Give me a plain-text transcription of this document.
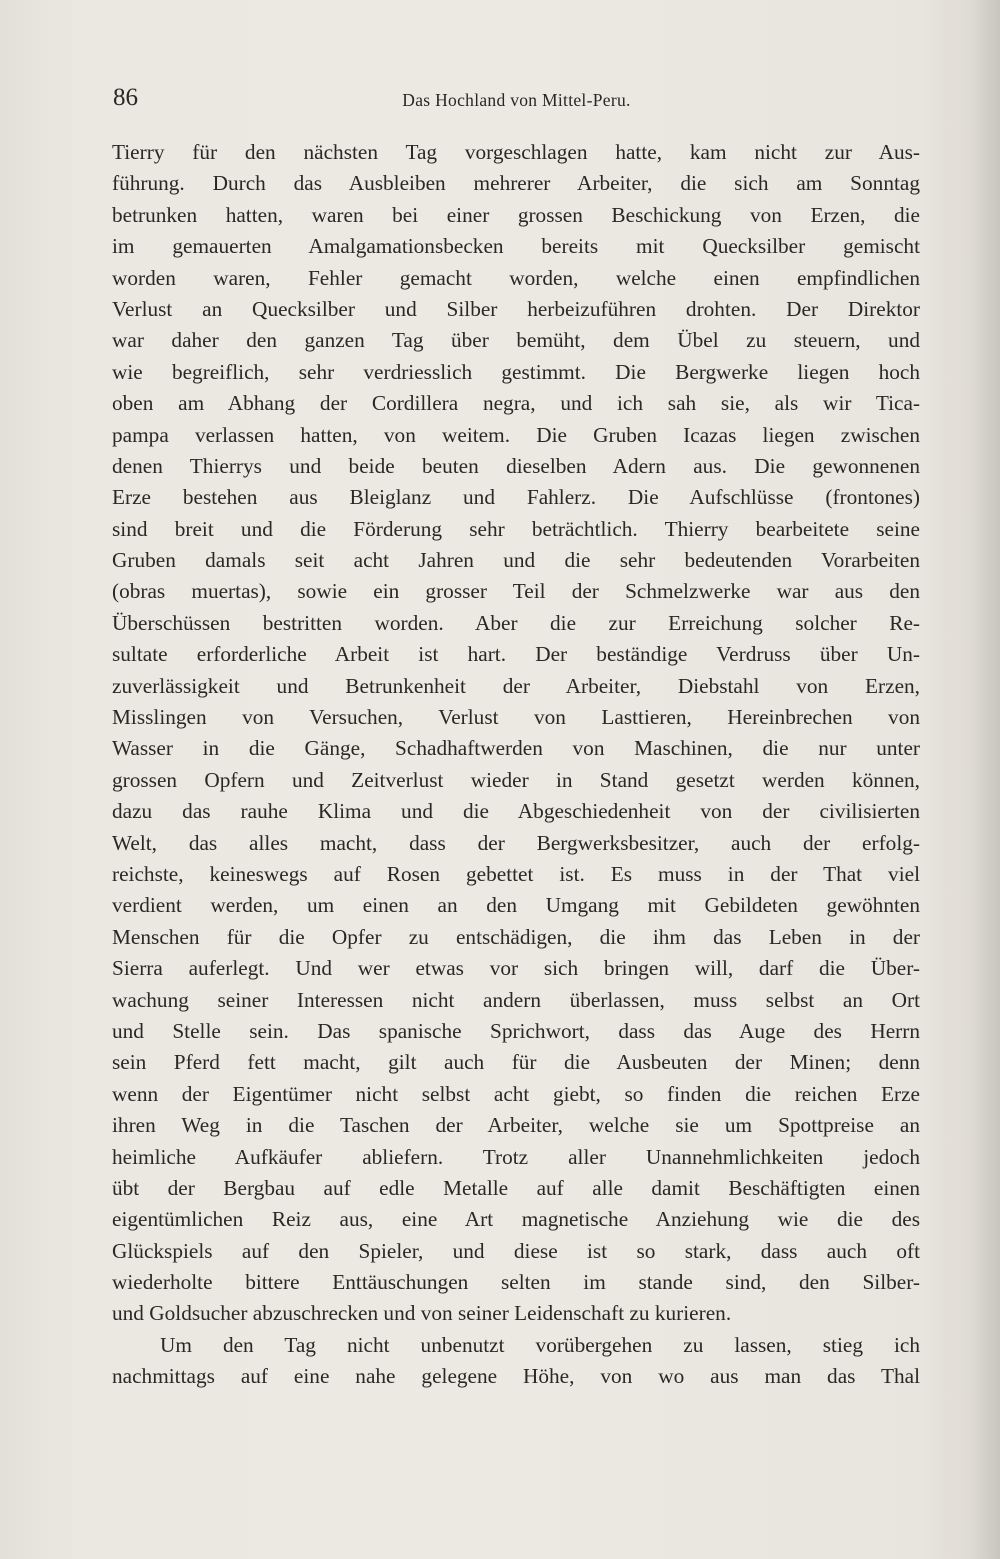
86	Das Hochland von Mittel-Peru.
Tierry für den nächsten Tag vorgeschlagen hatte, kam nicht zur Aus-
führung. Durch das Ausbleiben mehrerer Arbeiter, die sich am Sonntag
betrunken hatten, waren bei einer grossen Beschickung von Erzen, die
im gemauerten Amalgamationsbecken bereits mit Quecksilber gemischt
worden waren, Fehler gemacht worden, welche einen empfindlichen
Verlust an Quecksilber und Silber herbeizuführen drohten. Der Direktor
war daher den ganzen Tag über bemüht, dem Übel zu steuern, und
wie begreiflich, sehr verdriesslich gestimmt. Die Bergwerke liegen hoch
oben am Abhang der Cordillera negra, und ich sah sie, als wir Tica-
pampa verlassen hatten, von weitem. Die Gruben Icazas liegen zwischen
denen Thierrys und beide beuten dieselben Adern aus. Die gewonnenen
Erze bestehen aus Bleiglanz und Fahlerz. Die Aufschlüsse (frontones)
sind breit und die Förderung sehr beträchtlich. Thierry bearbeitete seine
Gruben damals seit acht Jahren und die sehr bedeutenden Vorarbeiten
(obras muertas), sowie ein grosser Teil der Schmelzwerke war aus den
Überschüssen bestritten worden. Aber die zur Erreichung solcher Re-
sultate erforderliche Arbeit ist hart. Der beständige Verdruss über Un-
zuverlässigkeit und Betrunkenheit der Arbeiter, Diebstahl von Erzen,
Misslingen von Versuchen, Verlust von Lasttieren, Hereinbrechen von
Wasser in die Gänge, Schadhaftwerden von Maschinen, die nur unter
grossen Opfern und Zeitverlust wieder in Stand gesetzt werden können,
dazu das rauhe Klima und die Abgeschiedenheit von der civilisierten
Welt, das alles macht, dass der Bergwerksbesitzer, auch der erfolg-
reichste, keineswegs auf Rosen gebettet ist. Es muss in der That viel
verdient werden, um einen an den Umgang mit Gebildeten gewöhnten
Menschen für die Opfer zu entschädigen, die ihm das Leben in der
Sierra auferlegt. Und wer etwas vor sich bringen will, darf die Über-
wachung seiner Interessen nicht andern überlassen, muss selbst an Ort
und Stelle sein. Das spanische Sprichwort, dass das Auge des Herrn
sein Pferd fett macht, gilt auch für die Ausbeuten der Minen; denn
wenn der Eigentümer nicht selbst acht giebt, so finden die reichen Erze
ihren Weg in die Taschen der Arbeiter, welche sie um Spottpreise an
heimliche Aufkäufer abliefern. Trotz aller Unannehmlichkeiten jedoch
übt der Bergbau auf edle Metalle auf alle damit Beschäftigten einen
eigentümlichen Reiz aus, eine Art magnetische Anziehung wie die des
Glückspiels auf den Spieler, und diese ist so stark, dass auch oft
wiederholte bittere Enttäuschungen selten im stande sind, den Silber-
und Goldsucher abzuschrecken und von seiner Leidenschaft zu kurieren.
Um den Tag nicht unbenutzt vorübergehen zu lassen, stieg ich
nachmittags auf eine nahe gelegene Höhe, von wo aus man das Thal
